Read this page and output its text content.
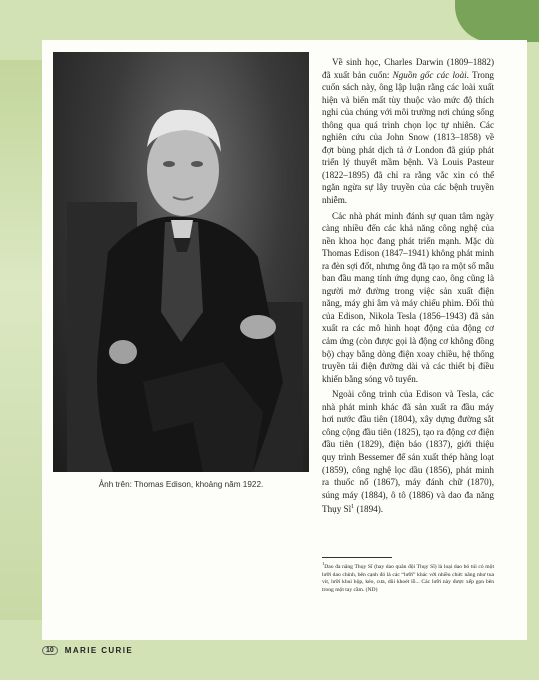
Ảnh trên: Thomas Edison, khoảng năm 1922.

Về sinh học, Charles Darwin (1809–1882) đã xuất bản cuốn: Nguồn gốc các loài. Trong cuốn sách này, ông lập luận rằng các loài xuất hiện và biến mất tùy thuộc vào mức độ thích nghi của chúng với môi trường nơi chúng sống thông qua quá trình chọn lọc tự nhiên. Các nghiên cứu của John Snow (1813–1858) về đợt bùng phát dịch tả ở London đã giúp phát triển lý thuyết mầm bệnh. Và Louis Pasteur (1822–1895) đã chỉ ra rằng vắc xin có thể ngăn ngừa sự lây truyền của các bệnh truyền nhiễm.

Các nhà phát minh đánh sự quan tâm ngày càng nhiều đến các khả năng công nghệ của nền khoa học đang phát triển mạnh. Mặc dù Thomas Edison (1847–1941) không phát minh ra đèn sợi đốt, nhưng ông đã tạo ra một số mẫu ban đầu mang tính ứng dụng cao, ông cũng là người mở đường trong việc sản xuất điện năng, máy ghi âm và máy chiếu phim. Đối thủ của Edison, Nikola Tesla (1856–1943) đã sản xuất ra các mô hình hoạt động của động cơ cảm ứng (còn được gọi là động cơ không đồng bộ) chạy bằng dòng điện xoay chiều, hệ thống truyền tải điện đường dài và các thiết bị điều khiển bằng sóng vô tuyến.

Ngoài công trình của Edison và Tesla, các nhà phát minh khác đã sản xuất ra đầu máy hơi nước đầu tiên (1804), xây dựng đường sắt công cộng đầu tiên (1825), tạo ra động cơ điện đầu tiên (1829), điện báo (1837), giới thiệu quy trình Bessemer để sản xuất thép hàng loạt (1859), công nghệ lọc dầu (1856), phát minh ra thuốc nổ (1867), máy đánh chữ (1870), súng máy (1884), ô tô (1886) và dao đa năng Thụy $Sĩ^1$ (1894).

$^1$Dao đa năng Thụy Sĩ (hay dao quân đội Thụy Sĩ) là loại dao bỏ túi có một lưỡi dao chính, bên cạnh đó là các “lưỡi” khác với nhiều chức năng như tua vít, lưỡi khui hộp, kéo, cưa, dũi khoét lỗ... Các lưỡi này được xếp gọn bên trong một tay cầm. (ND)
10	MARIE CURIE
